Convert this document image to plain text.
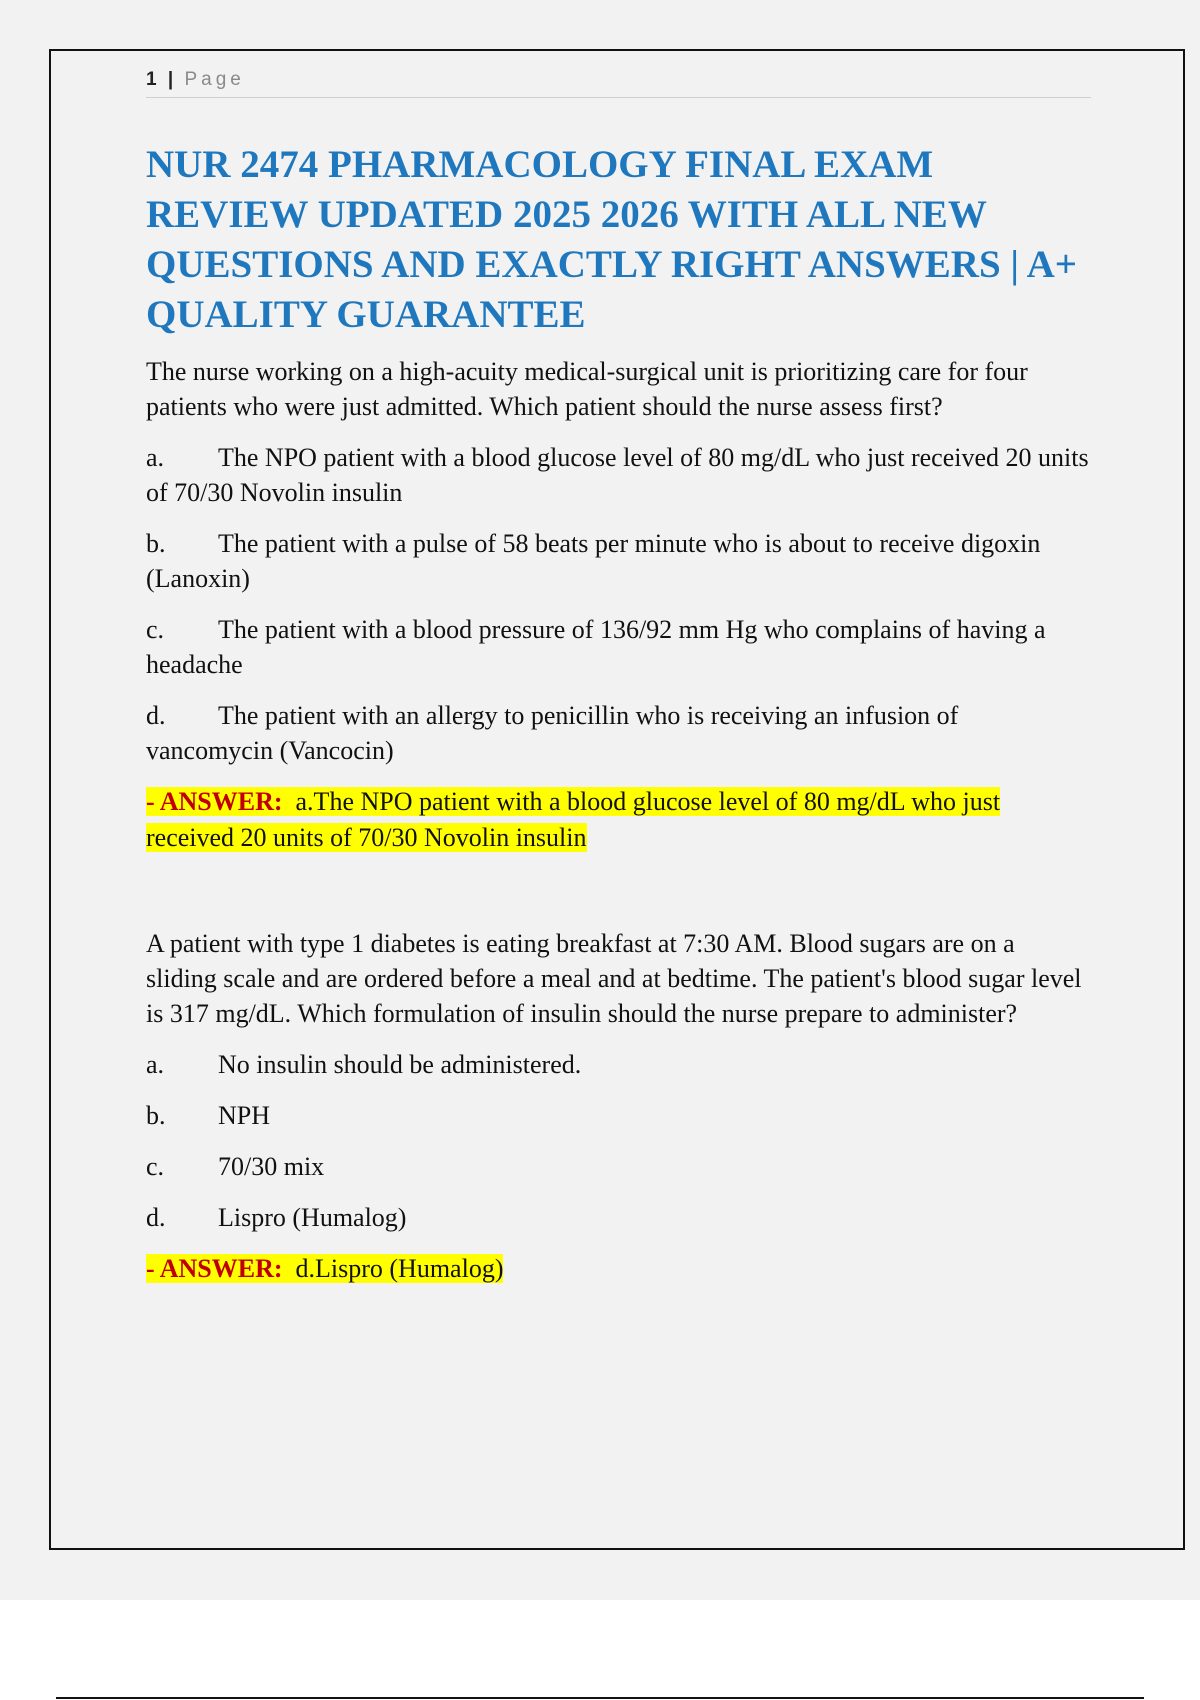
1 | Page
NUR 2474 PHARMACOLOGY FINAL EXAM REVIEW UPDATED 2025 2026 WITH ALL NEW QUESTIONS AND EXACTLY RIGHT ANSWERS | A+ QUALITY GUARANTEE

The nurse working on a high-acuity medical-surgical unit is prioritizing care for four patients who were just admitted. Which patient should the nurse assess first?

a. The NPO patient with a blood glucose level of 80 mg/dL who just received 20 units of 70/30 Novolin insulin

b. The patient with a pulse of 58 beats per minute who is about to receive digoxin (Lanoxin)

c. The patient with a blood pressure of 136/92 mm Hg who complains of having a headache

d. The patient with an allergy to penicillin who is receiving an infusion of vancomycin (Vancocin)

- ANSWER: a.The NPO patient with a blood glucose level of 80 mg/dL who just received 20 units of 70/30 Novolin insulin

A patient with type 1 diabetes is eating breakfast at 7:30 AM. Blood sugars are on a sliding scale and are ordered before a meal and at bedtime. The patient's blood sugar level is 317 mg/dL. Which formulation of insulin should the nurse prepare to administer?

a. No insulin should be administered.

b. NPH

c. 70/30 mix

d. Lispro (Humalog)

- ANSWER: d.Lispro (Humalog)
